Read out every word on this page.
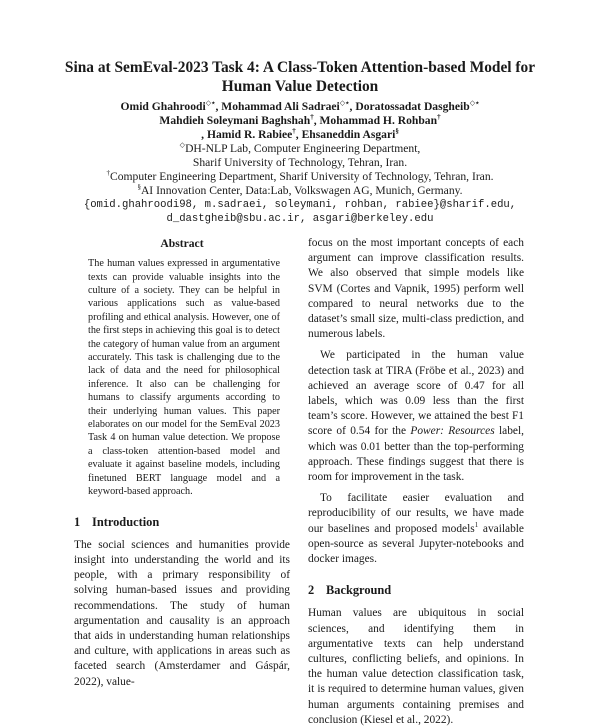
Sina at SemEval-2023 Task 4: A Class-Token Attention-based Model for Human Value Detection
Omid Ghahroodi◇⋆, Mohammad Ali Sadraei◇⋆, Doratossadat Dasgheib◇⋆
Mahdieh Soleymani Baghshah†, Mohammad H. Rohban†
, Hamid R. Rabiee†, Ehsaneddin Asgari§
◇DH-NLP Lab, Computer Engineering Department,
Sharif University of Technology, Tehran, Iran.
†Computer Engineering Department, Sharif University of Technology, Tehran, Iran.
§AI Innovation Center, Data:Lab, Volkswagen AG, Munich, Germany.
{omid.ghahroodi98, m.sadraei, soleymani, rohban, rabiee}@sharif.edu,
d_dastgheib@sbu.ac.ir, asgari@berkeley.edu
Abstract

The human values expressed in argumentative texts can provide valuable insights into the culture of a society. They can be helpful in various applications such as value-based profiling and ethical analysis. However, one of the first steps in achieving this goal is to detect the category of human value from an argument accurately. This task is challenging due to the lack of data and the need for philosophical inference. It also can be challenging for humans to classify arguments according to their underlying human values. This paper elaborates on our model for the SemEval 2023 Task 4 on human value detection. We propose a class-token attention-based model and evaluate it against baseline models, including finetuned BERT language model and a keyword-based approach.

1 Introduction

The social sciences and humanities provide insight into understanding the world and its people, with a primary responsibility of solving human-based issues and providing recommendations. The study of human argumentation and causality is an approach that aids in understanding human relationships and culture, with applications in areas such as faceted search (Amsterdamer and Gáspár, 2022), value-

focus on the most important concepts of each argument can improve classification results. We also observed that simple models like SVM (Cortes and Vapnik, 1995) perform well compared to neural networks due to the dataset’s small size, multi-class prediction, and numerous labels.

We participated in the human value detection task at TIRA (Fröbe et al., 2023) and achieved an average score of 0.47 for all labels, which was 0.09 less than the first team’s score. However, we attained the best F1 score of 0.54 for the Power: Resources label, which was 0.01 better than the top-performing approach. These findings suggest that there is room for improvement in the task.

To facilitate easier evaluation and reproducibility of our results, we have made our baselines and proposed models$^1$ available open-source as several Jupyter-notebooks and docker images.

2 Background

Human values are ubiquitous in social sciences, and identifying them in argumentative texts can help understand cultures, conflicting beliefs, and opinions. In the human value detection classification task, it is required to determine human values, given human arguments containing premises and conclusion (Kiesel et al., 2022).
